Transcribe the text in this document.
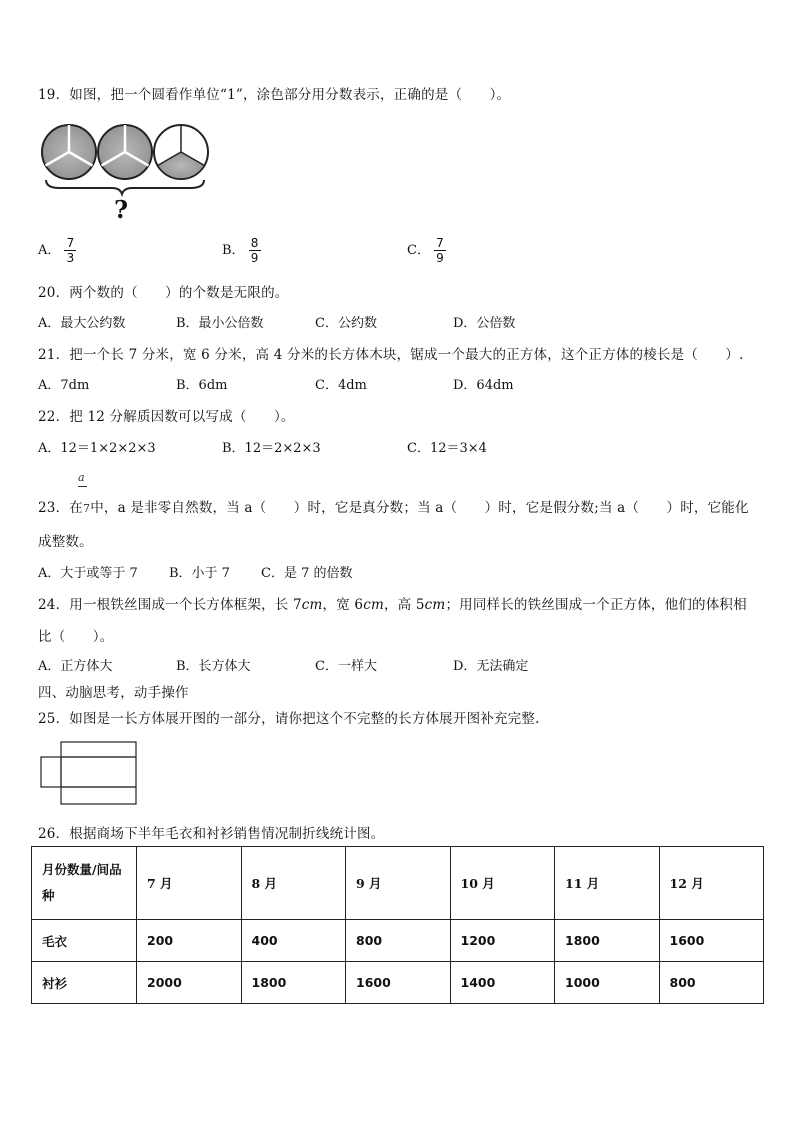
19．如图，把一个圆看作单位“1”，涂色部分用分数表示，正确的是（　　）。
?
A． $\frac{7}{3}$	B． $\frac{8}{9}$	C． $\frac{7}{9}$
20．两个数的（　　）的个数是无限的。
A．最大公约数	B．最小公倍数	C．公约数	D．公倍数
21．把一个长 7 分米，宽 6 分米，高 4 分米的长方体木块，锯成一个最大的正方体，这个正方体的棱长是（　　）.
A．7dm	B．6dm	C．4dm	D．64dm
22．把 12 分解质因数可以写成（　　）。
A．12＝1×2×2×3	B．12＝2×2×3	C．12＝3×4
a
23．在7中，a 是非零自然数，当 a（　　）时，它是真分数；当 a（　　）时，它是假分数;当 a（　　）时，它能化
成整数。
A．大于或等于 7 B．小于 7 C．是 7 的倍数
24．用一根铁丝围成一个长方体框架，长 7cm，宽 6cm，高 5cm；用同样长的铁丝围成一个正方体，他们的体积相
比（　　）。
A．正方体大	B．长方体大	C．一样大	D．无法确定
四、动脑思考，动手操作
25．如图是一长方体展开图的一部分，请你把这个不完整的长方体展开图补充完整.
26．根据商场下半年毛衣和衬衫销售情况制折线统计图。
月份数量/间品
种	7 月	8 月	9 月	10 月	11 月	12 月
毛衣	200	400	800	1200	1800	1600
衬衫	2000	1800	1600	1400	1000	800
